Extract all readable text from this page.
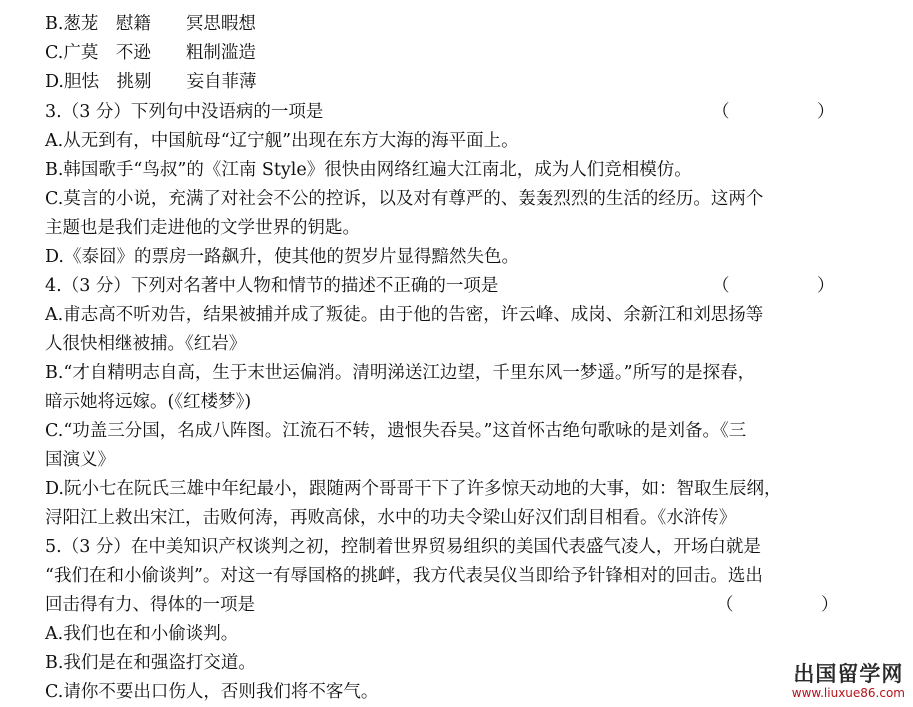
B.葱茏　慰籍　　冥思暇想
C.广莫　不逊　　粗制滥造
D.胆怯　挑剔　　妄自菲薄
3.（3 分）下列句中没语病的一项是	（　　　　　）
A.从无到有，中国航母“辽宁舰”出现在东方大海的海平面上。
B.韩国歌手“鸟叔”的《江南 Style》很快由网络红遍大江南北，成为人们竞相模仿。
C.莫言的小说，充满了对社会不公的控诉，以及对有尊严的、轰轰烈烈的生活的经历。这两个
主题也是我们走进他的文学世界的钥匙。
D.《泰囧》的票房一路飙升，使其他的贺岁片显得黯然失色。
4.（3 分）下列对名著中人物和情节的描述不正确的一项是	（　　　　　）
A.甫志高不听劝告，结果被捕并成了叛徒。由于他的告密，许云峰、成岗、余新江和刘思扬等
人很快相继被捕。《红岩》
B.“才自精明志自高，生于末世运偏消。清明涕送江边望，千里东风一梦遥。”所写的是探春，
暗示她将远嫁。(《红楼梦》)
C.“功盖三分国，名成八阵图。江流石不转，遗恨失吞吴。”这首怀古绝句歌咏的是刘备。《三
国演义》
D.阮小七在阮氏三雄中年纪最小，跟随两个哥哥干下了许多惊天动地的大事，如：智取生辰纲，
浔阳江上救出宋江，击败何涛，再败高俅，水中的功夫令梁山好汉们刮目相看。《水浒传》
5.（3 分）在中美知识产权谈判之初，控制着世界贸易组织的美国代表盛气凌人，开场白就是
“我们在和小偷谈判”。对这一有辱国格的挑衅，我方代表吴仪当即给予针锋相对的回击。选出
回击得有力、得体的一项是	（　　　　　）
A.我们也在和小偷谈判。
B.我们是在和强盗打交道。
C.请你不要出口伤人，否则我们将不客气。
出国留学网
www.liuxue86.com
